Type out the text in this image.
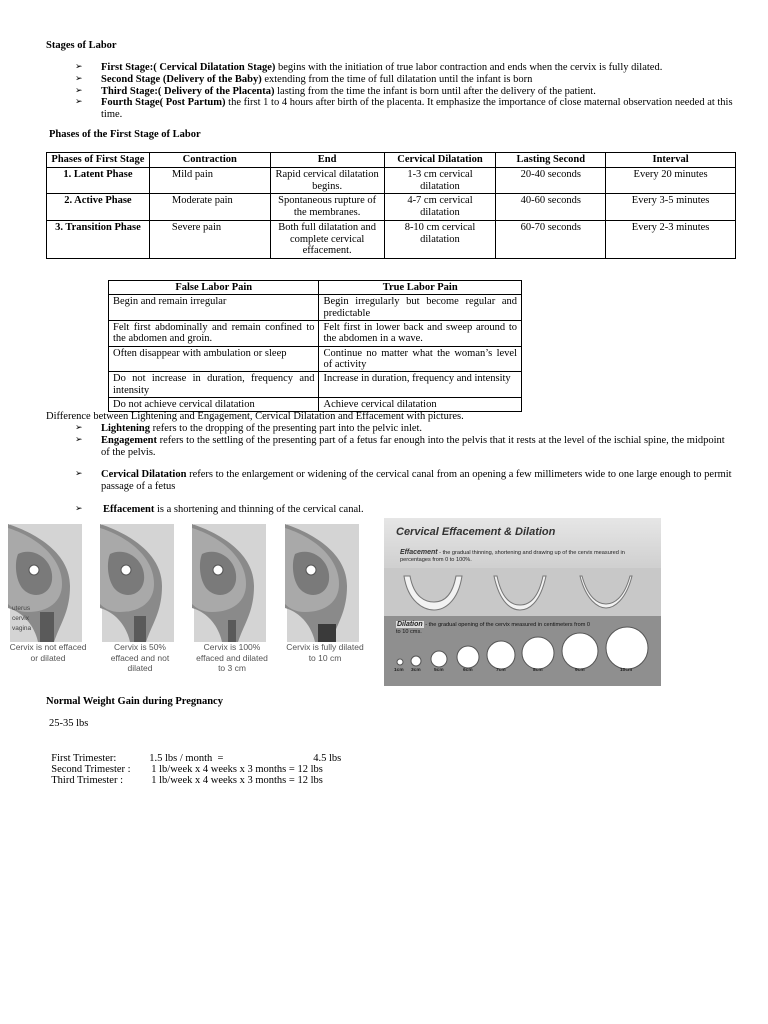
Stages of Labor
➢ First Stage:( Cervical Dilatation Stage) begins with the initiation of true labor contraction and ends when the cervix is fully dilated.
➢ Second Stage (Delivery of the Baby) extending from the time of full dilatation until the infant is born
➢ Third Stage:( Delivery of the Placenta) lasting from the time the infant is born until after the delivery of the patient.
➢ Fourth Stage( Post Partum) the first 1 to 4 hours after birth of the placenta. It emphasize the importance of close maternal observation needed at this time.
Phases of the First Stage of Labor
Phases of First Stage	Contraction	End	Cervical Dilatation	Lasting Second	Interval
1. Latent Phase	Mild pain	Rapid cervical dilatation begins.	1-3 cm cervical dilatation	20-40 seconds	Every 20 minutes
2. Active Phase	Moderate pain	Spontaneous rupture of the membranes.	4-7 cm cervical dilatation	40-60 seconds	Every 3-5 minutes
3. Transition Phase	Severe pain	Both full dilatation and complete cervical effacement.	8-10 cm cervical dilatation	60-70 seconds	Every 2-3 minutes
False Labor Pain	True Labor Pain
Begin and remain irregular	Begin irregularly but become regular and predictable
Felt first abdominally and remain confined to the abdomen and groin.	Felt first in lower back and sweep around to the abdomen in a wave.
Often disappear with ambulation or sleep	Continue no matter what the woman’s level of activity
Do not increase in duration, frequency and intensity	Increase in duration, frequency and intensity
Do not achieve cervical dilatation	Achieve cervical dilatation
Difference between Lightening and Engagement, Cervical Dilatation and Effacement with pictures.
➢ Lightening refers to the dropping of the presenting part into the pelvic inlet.
➢ Engagement refers to the settling of the presenting part of a fetus far enough into the pelvis that it rests at the level of the ischial spine, the midpoint of the pelvis.
➢ Cervical Dilatation refers to the enlargement or widening of the cervical canal from an opening a few millimeters wide to one large enough to permit passage of a fetus
➢ Effacement is a shortening and thinning of the cervical canal.
uterus
cervix
vagina
Cervix is not effaced or dilated
Cervix is 50% effaced and not dilated
Cervix is 100% effaced and dilated to 3 cm
Cervix is fully dilated to 10 cm
Cervical Effacement & Dilation
Effacement - the gradual thinning, shortening and drawing up of the cervix measured in percentages from 0 to 100%.
Dilation - the gradual opening of the cervix measured in centimeters from 0 to 10 cms.
1cm 3cm	5cm	6cm	7cm	8cm	9cm	10cm
Normal Weight Gain during Pregnancy
25-35 lbs

First Trimester:	1.5 lbs / month  =	4.5 lbs

Second Trimester : 1 lb/week x 4 weeks x 3 months = 12 lbs

Third Trimester :	1 lb/week x 4 weeks x 3 months = 12 lbs
